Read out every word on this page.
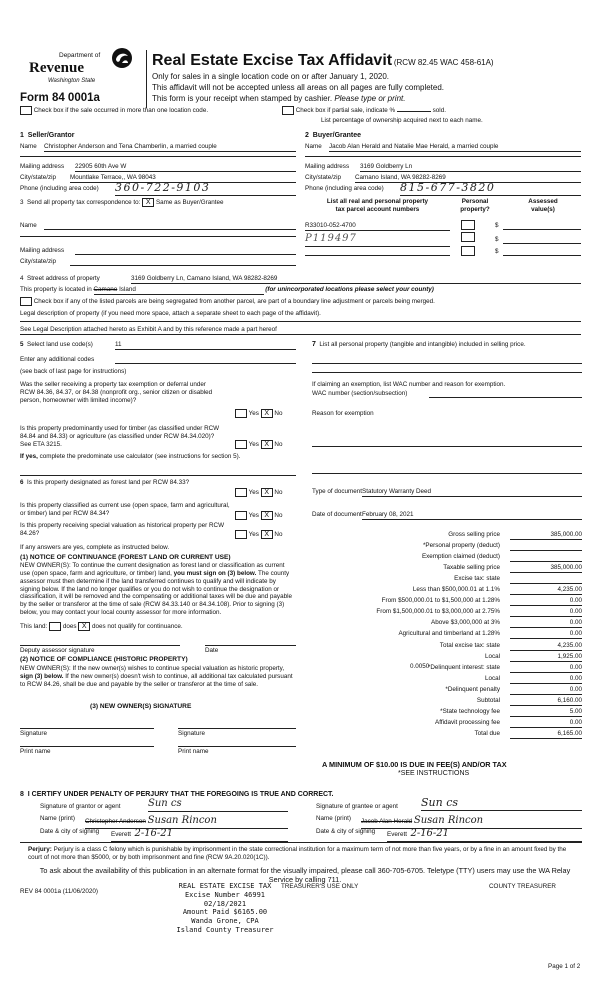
Department of
Revenue
Washington State
Form 84 0001a
Real Estate Excise Tax Affidavit (RCW 82.45 WAC 458-61A)
Only for sales in a single location code on or after January 1, 2020.
This affidavit will not be accepted unless all areas on all pages are fully completed.
This form is your receipt when stamped by cashier. Please type or print.
Check box if the sale occurred in more than one location code.	Check box if partial sale, indicate %	sold.
List percentage of ownership acquired next to each name.
1 Seller/Grantor	2 Buyer/Grantee
Name Christopher Anderson and Tena Chamberlin, a married couple	Name Jacob Alan Herald and Natalie Mae Herald, a married couple
Mailing address 22905 60th Ave W	Mailing address 3169 Goldberry Ln
City/state/zip Mountlake Terrace,, WA 98043	City/state/zip Camano Island, WA 98282-8269
Phone (including area code) 360-722-9103	Phone (including area code) 815-677-3820
3 Send all property tax correspondence to: X Same as Buyer/Grantee
Name
Mailing address
City/state/zip
List all real and personal property
tax parcel account numbers
Personal
property?
Assessed
value(s)
R33010-052-4700	$
P119497	$
$
4 Street address of property	3169 Goldberry Ln, Camano Island, WA 98282-8269
This property is located in Camano Island	(for unincorporated locations please select your county)
Check box if any of the listed parcels are being segregated from another parcel, are part of a boundary line adjustment or parcels being merged.
Legal description of property (if you need more space, attach a separate sheet to each page of the affidavit).
See Legal Description attached hereto as Exhibit A and by this reference made a part hereof
5 Select land use code(s)	11
Enter any additional codes
(see back of last page for instructions)
Was the seller receiving a property tax exemption or deferral under RCW 84.36, 84.37, or 84.38 (nonprofit org., senior citizen or disabled person, homeowner with limited income)?
Yes X No
Is this property predominantly used for timber (as classified under RCW 84.84 and 84.33) or agriculture (as classified under RCW 84.34.020)? See ETA 3215.	Yes X No
If yes, complete the predominate use calculator (see instructions for section 5).
6 Is this property designated as forest land per RCW 84.33?
Yes X No
Is this property classified as current use (open space, farm and agricultural, or timber) land per RCW 84.34?	Yes X No
Is this property receiving special valuation as historical property per RCW 84.26?	Yes X No
If any answers are yes, complete as instructed below.
(1) NOTICE OF CONTINUANCE (FOREST LAND OR CURRENT USE)
NEW OWNER(S): To continue the current designation as forest land or classification as current use (open space, farm and agriculture, or timber) land, you must sign on (3) below. The county assessor must then determine if the land transferred continues to qualify and will indicate by signing below. If the land no longer qualifies or you do not wish to continue the designation or classification, it will be removed and the compensating or additional taxes will be due and payable by the seller or transferor at the time of sale (RCW 84.33.140 or 84.34.108). Prior to signing (3) below, you may contact your local county assessor for more information.
This land: does X does not qualify for continuance.
Deputy assessor signature	Date
(2) NOTICE OF COMPLIANCE (HISTORIC PROPERTY)
NEW OWNER(S): If the new owner(s) wishes to continue special valuation as historic property, sign (3) below. If the new owner(s) doesn't wish to continue, all additional tax calculated pursuant to RCW 84.26, shall be due and payable by the seller or transferor at the time of sale.
(3) NEW OWNER(S) SIGNATURE
Signature	Signature
Print name	Print name
7 List all personal property (tangible and intangible) included in selling price.
If claiming an exemption, list WAC number and reason for exemption.
WAC number (section/subsection)
Reason for exemption
Type of document Statutory Warranty Deed
Date of document February 08, 2021
Gross selling price	385,000.00
*Personal property (deduct)
Exemption claimed (deduct)
Taxable selling price	385,000.00
Excise tax: state
Less than $500,000.01 at 1.1%	4,235.00
From $500,000.01 to $1,500,000 at 1.28%	0.00
From $1,500,000.01 to $3,000,000 at 2.75%	0.00
Above $3,000,000 at 3%	0.00
Agricultural and timberland at 1.28%	0.00
Total excise tax: state	4,235.00
Local	1,925.00
*Delinquent interest: state	0.00
Local	0.00
*Delinquent penalty	0.00
Subtotal	6,160.00
*State technology fee	5.00
Affidavit processing fee	0.00
Total due	6,165.00
0.0050
A MINIMUM OF $10.00 IS DUE IN FEE(S) AND/OR TAX
*SEE INSTRUCTIONS
8 I CERTIFY UNDER PENALTY OF PERJURY THAT THE FOREGOING IS TRUE AND CORRECT.
Signature of grantor or agent	Sun cs	Signature of grantee or agent Sun cs
Name (print) Christopher Anderson Susan Rincon	Name (print) Jacob Alan Herald Susan Rincon
Date & city of signing Everett 2-16-21	Date & city of signing Everett 2-16-21
Perjury: Perjury is a class C felony which is punishable by imprisonment in the state correctional institution for a maximum term of not more than five years, or by a fine in an amount fixed by the court of not more than $5000, or by both imprisonment and fine (RCW 9A.20.020(1C)).
To ask about the availability of this publication in an alternate format for the visually impaired, please call 360-705-6705. Teletype (TTY) users may use the WA Relay Service by calling 711.
REV 84 0001a (11/06/2020)
REAL ESTATE EXCISE TAX
Excise Number 46991
02/18/2021
Amount Paid $6165.00
Wanda Grone, CPA
Island County Treasurer
TREASURER'S USE ONLY	COUNTY TREASURER
Page 1 of 2
